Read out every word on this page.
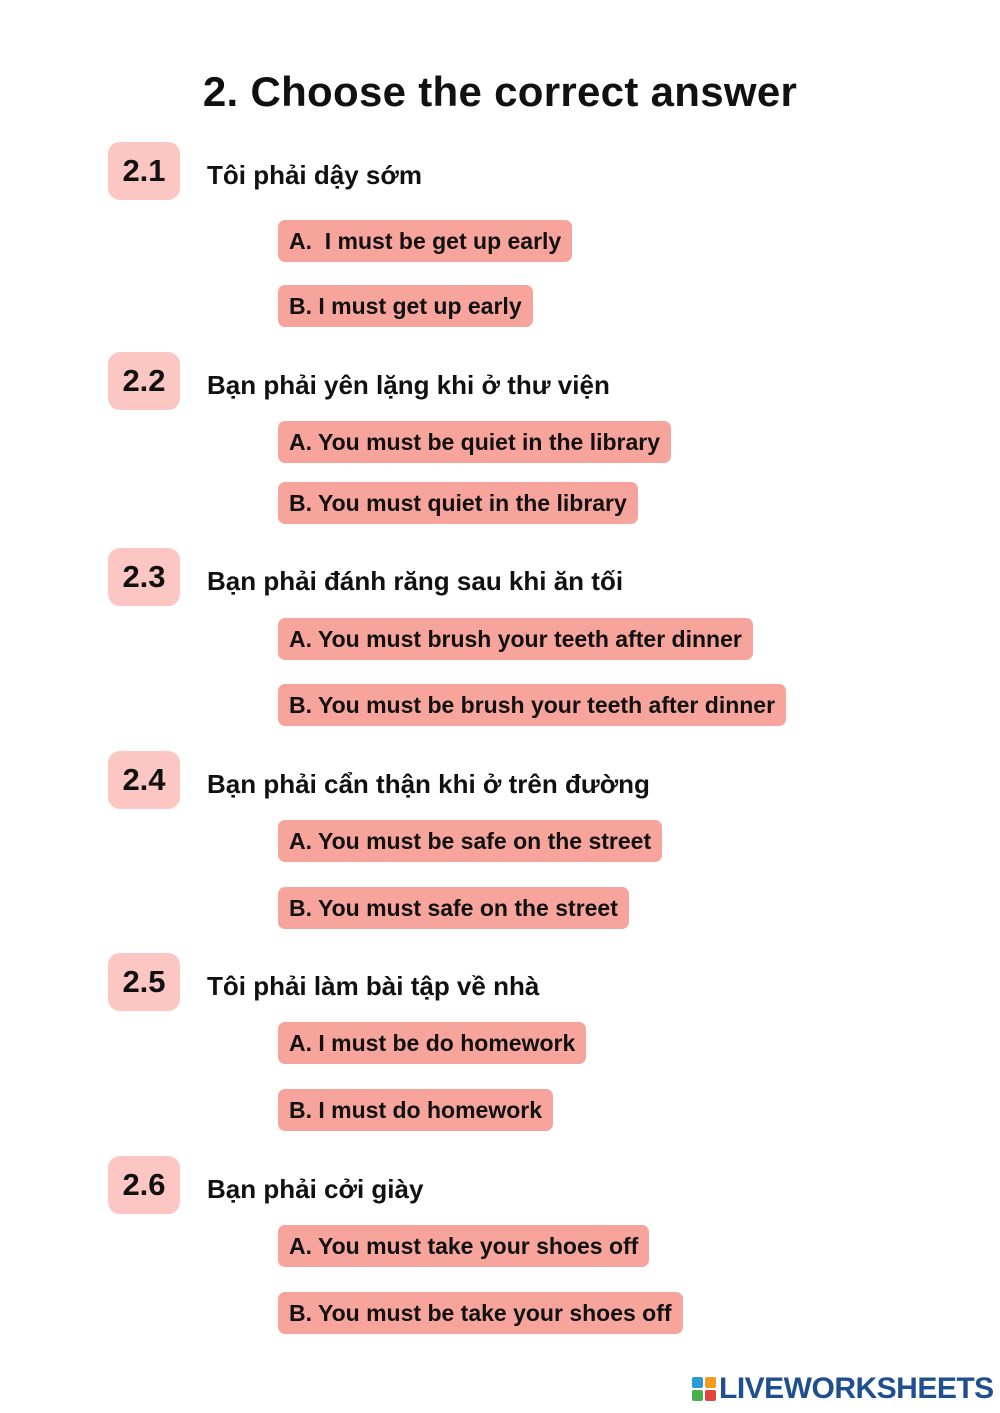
2. Choose the correct answer
2.1	Tôi phải dậy sớm
A.  I must be get up early
B. I must get up early
2.2	Bạn phải yên lặng khi ở thư viện
A. You must be quiet in the library
B. You must quiet in the library
2.3	Bạn phải đánh răng sau khi ăn tối
A. You must brush your teeth after dinner
B. You must be brush your teeth after dinner
2.4	Bạn phải cẩn thận khi ở trên đường
A. You must be safe on the street
B. You must safe on the street
2.5	Tôi phải làm bài tập về nhà
A. I must be do homework
B. I must do homework
2.6	Bạn phải cởi giày
A. You must take your shoes off
B. You must be take your shoes off
LIVEWORKSHEETS
